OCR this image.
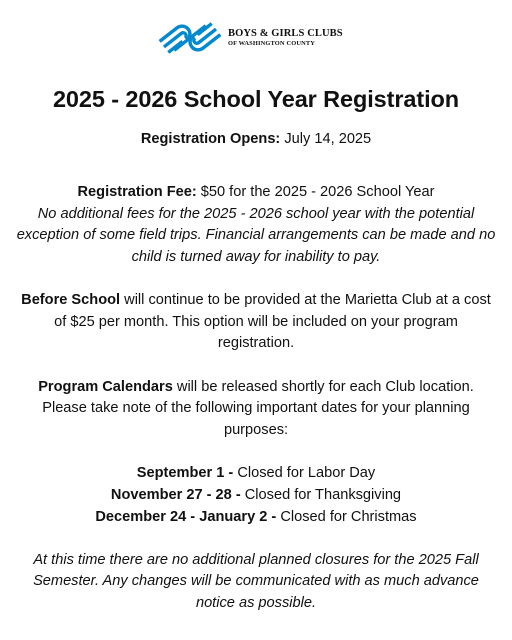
BOYS & GIRLS CLUBS
OF WASHINGTON COUNTY
2025 - 2026 School Year Registration

Registration Opens: July 14, 2025

Registration Fee: $50 for the 2025 - 2026 School Year

No additional fees for the 2025 - 2026 school year with the potential exception of some field trips. Financial arrangements can be made and no child is turned away for inability to pay.

Before School will continue to be provided at the Marietta Club at a cost of $25 per month. This option will be included on your program registration.

Program Calendars will be released shortly for each Club location. Please take note of the following important dates for your planning purposes:

September 1 - Closed for Labor Day

November 27 - 28 - Closed for Thanksgiving

December 24 - January 2 - Closed for Christmas

At this time there are no additional planned closures for the 2025 Fall Semester. Any changes will be communicated with as much advance notice as possible.
